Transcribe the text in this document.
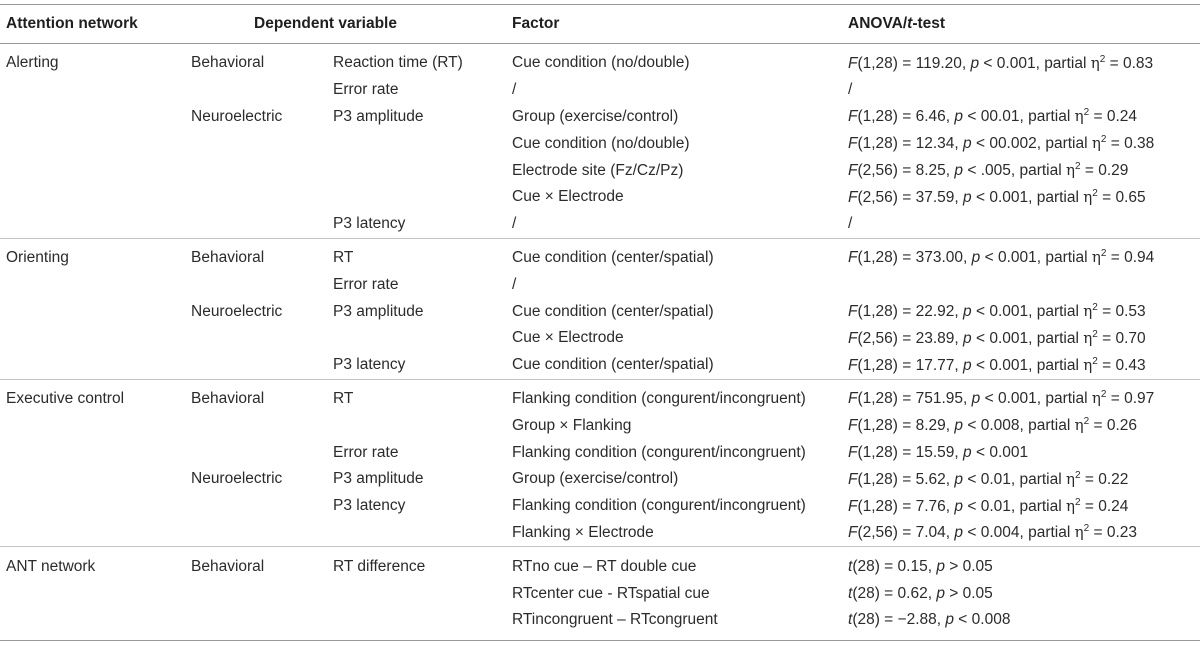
Attention network	Dependent variable		Factor	ANOVA/t-test
Alerting	Behavioral	Reaction time (RT)	Cue condition (no/double)	F(1,28) = 119.20, p < 0.001, partial $\eta^2 = 0.83$
		Error rate	/	/
	Neuroelectric	P3 amplitude	Group (exercise/control)	F(1,28) = 6.46, p < 00.01, partial $\eta^2 = 0.24$
			Cue condition (no/double)	F(1,28) = 12.34, p < 00.002, partial $\eta^2 = 0.38$
			Electrode site (Fz/Cz/Pz)	F(2,56) = 8.25, p < .005, partial $\eta^2 = 0.29$
			Cue × Electrode	F(2,56) = 37.59, p < 0.001, partial $\eta^2 = 0.65$
		P3 latency	/	/
Orienting	Behavioral	RT	Cue condition (center/spatial)	F(1,28) = 373.00, p < 0.001, partial $\eta^2 = 0.94$
		Error rate	/	
	Neuroelectric	P3 amplitude	Cue condition (center/spatial)	F(1,28) = 22.92, p < 0.001, partial $\eta^2 = 0.53$
			Cue × Electrode	F(2,56) = 23.89, p < 0.001, partial $\eta^2 = 0.70$
		P3 latency	Cue condition (center/spatial)	F(1,28) = 17.77, p < 0.001, partial $\eta^2 = 0.43$
Executive control	Behavioral	RT	Flanking condition (congurent/incongruent)	F(1,28) = 751.95, p < 0.001, partial $\eta^2 = 0.97$
			Group × Flanking	F(1,28) = 8.29, p < 0.008, partial $\eta^2 = 0.26$
		Error rate	Flanking condition (congurent/incongruent)	F(1,28) = 15.59, p < 0.001
	Neuroelectric	P3 amplitude	Group (exercise/control)	F(1,28) = 5.62, p < 0.01, partial $\eta^2 = 0.22$
		P3 latency	Flanking condition (congurent/incongruent)	F(1,28) = 7.76, p < 0.01, partial $\eta^2 = 0.24$
			Flanking × Electrode	F(2,56) = 7.04, p < 0.004, partial $\eta^2 = 0.23$
ANT network	Behavioral	RT difference	RTno cue – RT double cue	t(28) = 0.15, p > 0.05
			RTcenter cue - RTspatial cue	t(28) = 0.62, p > 0.05
			RTincongruent – RTcongruent	t(28) = −2.88, p < 0.008
